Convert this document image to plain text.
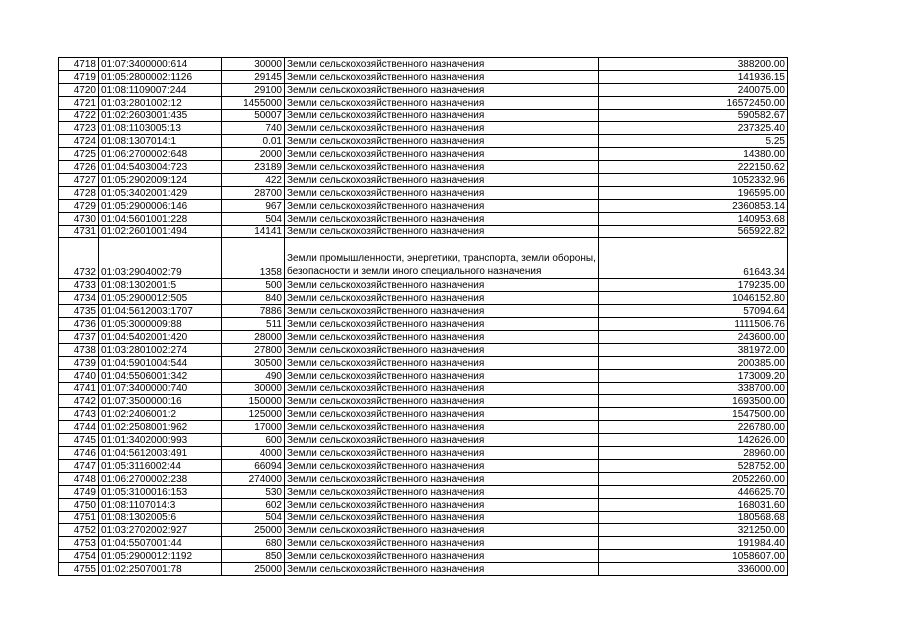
4718	01:07:3400000:614	30000	Земли сельскохозяйственного назначения	388200.00
4719	01:05:2800002:1126	29145	Земли сельскохозяйственного назначения	141936.15
4720	01:08:1109007:244	29100	Земли сельскохозяйственного назначения	240075.00
4721	01:03:2801002:12	1455000	Земли сельскохозяйственного назначения	16572450.00
4722	01:02:2603001:435	50007	Земли сельскохозяйственного назначения	590582.67
4723	01:08:1103005:13	740	Земли сельскохозяйственного назначения	237325.40
4724	01:08:1307014:1	0.01	Земли сельскохозяйственного назначения	5.25
4725	01:06:2700002:648	2000	Земли сельскохозяйственного назначения	14380.00
4726	01:04:5403004:723	23189	Земли сельскохозяйственного назначения	222150.62
4727	01:05:2902009:124	422	Земли сельскохозяйственного назначения	1052332.96
4728	01:05:3402001:429	28700	Земли сельскохозяйственного назначения	196595.00
4729	01:05:2900006:146	967	Земли сельскохозяйственного назначения	2360853.14
4730	01:04:5601001:228	504	Земли сельскохозяйственного назначения	140953.68
4731	01:02:2601001:494	14141	Земли сельскохозяйственного назначения	565922.82
4732	01:03:2904002:79	1358	Земли промышленности, энергетики, транспорта, земли обороны, безопасности и земли иного специального назначения	61643.34
4733	01:08:1302001:5	500	Земли сельскохозяйственного назначения	179235.00
4734	01:05:2900012:505	840	Земли сельскохозяйственного назначения	1046152.80
4735	01:04:5612003:1707	7886	Земли сельскохозяйственного назначения	57094.64
4736	01:05:3000009:88	511	Земли сельскохозяйственного назначения	1111506.76
4737	01:04:5402001:420	28000	Земли сельскохозяйственного назначения	243600.00
4738	01:03:2801002:274	27800	Земли сельскохозяйственного назначения	381972.00
4739	01:04:5901004:544	30500	Земли сельскохозяйственного назначения	200385.00
4740	01:04:5506001:342	490	Земли сельскохозяйственного назначения	173009.20
4741	01:07:3400000:740	30000	Земли сельскохозяйственного назначения	338700.00
4742	01:07:3500000:16	150000	Земли сельскохозяйственного назначения	1693500.00
4743	01:02:2406001:2	125000	Земли сельскохозяйственного назначения	1547500.00
4744	01:02:2508001:962	17000	Земли сельскохозяйственного назначения	226780.00
4745	01:01:3402000:993	600	Земли сельскохозяйственного назначения	142626.00
4746	01:04:5612003:491	4000	Земли сельскохозяйственного назначения	28960.00
4747	01:05:3116002:44	66094	Земли сельскохозяйственного назначения	528752.00
4748	01:06:2700002:238	274000	Земли сельскохозяйственного назначения	2052260.00
4749	01:05:3100016:153	530	Земли сельскохозяйственного назначения	446625.70
4750	01:08:1107014:3	602	Земли сельскохозяйственного назначения	168031.60
4751	01:08:1302005:6	504	Земли сельскохозяйственного назначения	180568.68
4752	01:03:2702002:927	25000	Земли сельскохозяйственного назначения	321250.00
4753	01:04:5507001:44	680	Земли сельскохозяйственного назначения	191984.40
4754	01:05:2900012:1192	850	Земли сельскохозяйственного назначения	1058607.00
4755	01:02:2507001:78	25000	Земли сельскохозяйственного назначения	336000.00
